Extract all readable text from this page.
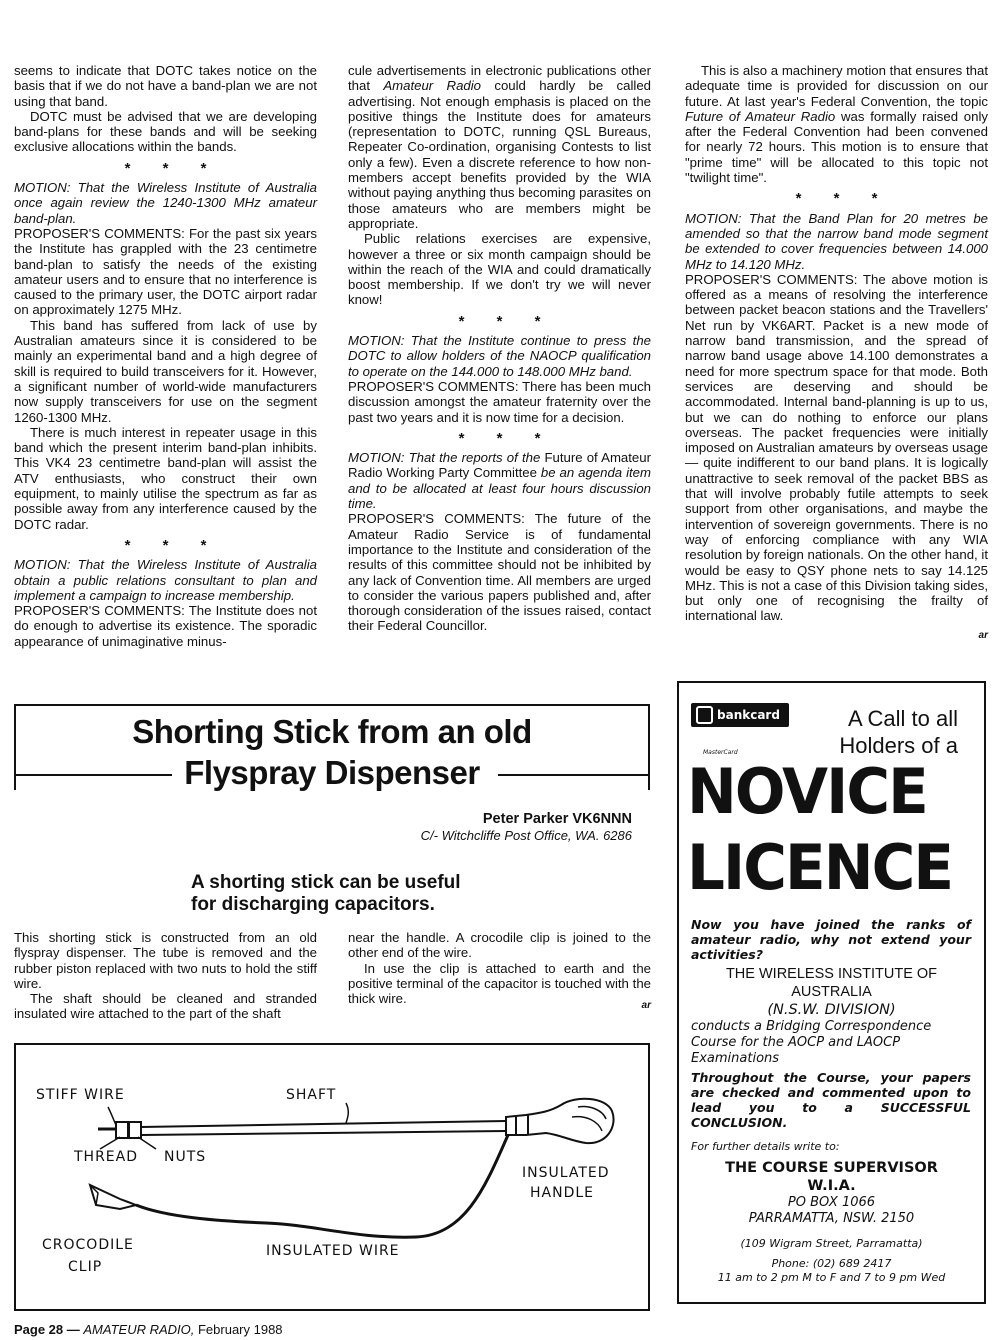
seems to indicate that DOTC takes notice on the basis that if we do not have a band-plan we are not using that band.

DOTC must be advised that we are developing band-plans for these bands and will be seeking exclusive allocations within the bands.

* * *

MOTION: That the Wireless Institute of Australia once again review the 1240-1300 MHz amateur band-plan.

PROPOSER'S COMMENTS: For the past six years the Institute has grappled with the 23 centimetre band-plan to satisfy the needs of the existing amateur users and to ensure that no interference is caused to the primary user, the DOTC airport radar on approximately 1275 MHz.

This band has suffered from lack of use by Australian amateurs since it is considered to be mainly an experimental band and a high degree of skill is required to build transceivers for it. However, a significant number of world-wide manufacturers now supply transceivers for use on the segment 1260-1300 MHz.

There is much interest in repeater usage in this band which the present interim band-plan inhibits. This VK4 23 centimetre band-plan will assist the ATV enthusiasts, who construct their own equipment, to mainly utilise the spectrum as far as possible away from any interference caused by the DOTC radar.

* * *

MOTION: That the Wireless Institute of Australia obtain a public relations consultant to plan and implement a campaign to increase membership.

PROPOSER'S COMMENTS: The Institute does not do enough to advertise its existence. The sporadic appearance of unimaginative minus-

cule advertisements in electronic publications other that Amateur Radio could hardly be called advertising. Not enough emphasis is placed on the positive things the Institute does for amateurs (representation to DOTC, running QSL Bureaus, Repeater Co-ordination, organising Contests to list only a few). Even a discrete reference to how non-members accept benefits provided by the WIA without paying anything thus becoming parasites on those amateurs who are members might be appropriate.

Public relations exercises are expensive, however a three or six month campaign should be within the reach of the WIA and could dramatically boost membership. If we don't try we will never know!

* * *

MOTION: That the Institute continue to press the DOTC to allow holders of the NAOCP qualification to operate on the 144.000 to 148.000 MHz band.

PROPOSER'S COMMENTS: There has been much discussion amongst the amateur fraternity over the past two years and it is now time for a decision.

* * *

MOTION: That the reports of the Future of Amateur Radio Working Party Committee be an agenda item and to be allocated at least four hours discussion time.

PROPOSER'S COMMENTS: The future of the Amateur Radio Service is of fundamental importance to the Institute and consideration of the results of this committee should not be inhibited by any lack of Convention time. All members are urged to consider the various papers published and, after thorough consideration of the issues raised, contact their Federal Councillor.

This is also a machinery motion that ensures that adequate time is provided for discussion on our future. At last year's Federal Convention, the topic Future of Amateur Radio was formally raised only after the Federal Convention had been convened for nearly 72 hours. This motion is to ensure that "prime time" will be allocated to this topic not "twilight time".

* * *

MOTION: That the Band Plan for 20 metres be amended so that the narrow band mode segment be extended to cover frequencies between 14.000 MHz to 14.120 MHz.

PROPOSER'S COMMENTS: The above motion is offered as a means of resolving the interference between packet beacon stations and the Travellers' Net run by VK6ART. Packet is a new mode of narrow band transmission, and the spread of narrow band usage above 14.100 demonstrates a need for more spectrum space for that mode. Both services are deserving and should be accommodated. Internal band-planning is up to us, but we can do nothing to enforce our plans overseas. The packet frequencies were initially imposed on Australian amateurs by overseas usage — quite indifferent to our band plans. It is logically unattractive to seek removal of the packet BBS as that will involve probably futile attempts to seek support from other organisations, and maybe the intervention of sovereign governments. There is no way of enforcing compliance with any WIA resolution by foreign nationals. On the other hand, it would be easy to QSY phone nets to say 14.125 MHz. This is not a case of this Division taking sides, but only one of recognising the frailty of international law.

ar
Shorting Stick from an old
Flyspray Dispenser
Peter Parker VK6NNN
C/- Witchcliffe Post Office, WA. 6286
A shorting stick can be useful
for discharging capacitors.

This shorting stick is constructed from an old flyspray dispenser. The tube is removed and the rubber piston replaced with two nuts to hold the stiff wire.

The shaft should be cleaned and stranded insulated wire attached to the part of the shaft

near the handle. A crocodile clip is joined to the other end of the wire.

In use the clip is attached to earth and the positive terminal of the capacitor is touched with the thick wire.	ar
STIFF WIRE	SHAFT
THREAD NUTS
INSULATED
HANDLE
CROCODILE
CLIP
INSULATED WIRE
Page 28 — AMATEUR RADIO, February 1988
bankcard
MasterCard
A Call to all
Holders of a
NOVICE
LICENCE
Now you have joined the ranks of amateur radio, why not extend your activities?
THE WIRELESS INSTITUTE OF
AUSTRALIA
(N.S.W. DIVISION)
conducts a Bridging Correspondence Course for the AOCP and LAOCP Examinations
Throughout the Course, your papers are checked and commented upon to lead you to a SUCCESSFUL CONCLUSION.
For further details write to:
THE COURSE SUPERVISOR
W.I.A.
PO BOX 1066
PARRAMATTA, NSW. 2150
(109 Wigram Street, Parramatta)
Phone: (02) 689 2417
11 am to 2 pm M to F and 7 to 9 pm Wed
